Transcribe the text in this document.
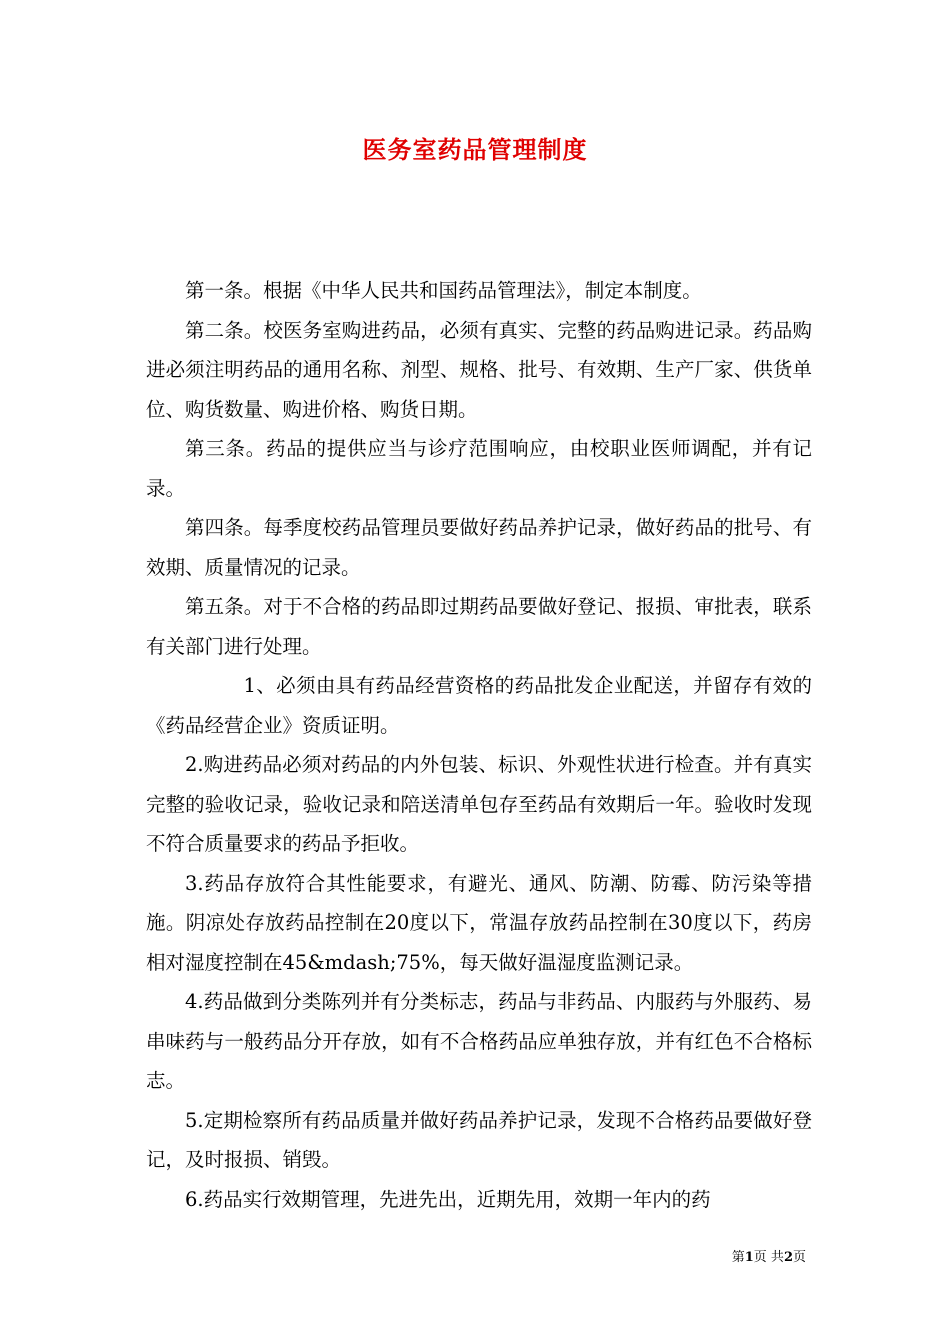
医务室药品管理制度

第一条。根据《中华人民共和国药品管理法》，制定本制度。

第二条。校医务室购进药品，必须有真实、完整的药品购进记录。药品购进必须注明药品的通用名称、剂型、规格、批号、有效期、生产厂家、供货单位、购货数量、购进价格、购货日期。

第三条。药品的提供应当与诊疗范围响应，由校职业医师调配，并有记录。

第四条。每季度校药品管理员要做好药品养护记录，做好药品的批号、有效期、质量情况的记录。

第五条。对于不合格的药品即过期药品要做好登记、报损、审批表，联系有关部门进行处理。

1、必须由具有药品经营资格的药品批发企业配送，并留存有效的《药品经营企业》资质证明。

2.购进药品必须对药品的内外包装、标识、外观性状进行检查。并有真实完整的验收记录，验收记录和陪送清单包存至药品有效期后一年。验收时发现不符合质量要求的药品予拒收。

3.药品存放符合其性能要求，有避光、通风、防潮、防霉、防污染等措施。阴凉处存放药品控制在20度以下，常温存放药品控制在30度以下，药房相对湿度控制在45&mdash;75%，每天做好温湿度监测记录。

4.药品做到分类陈列并有分类标志，药品与非药品、内服药与外服药、易串味药与一般药品分开存放，如有不合格药品应单独存放，并有红色不合格标志。

5.定期检察所有药品质量并做好药品养护记录，发现不合格药品要做好登记，及时报损、销毁。

6.药品实行效期管理，先进先出，近期先用，效期一年内的药

第1页 共2页
